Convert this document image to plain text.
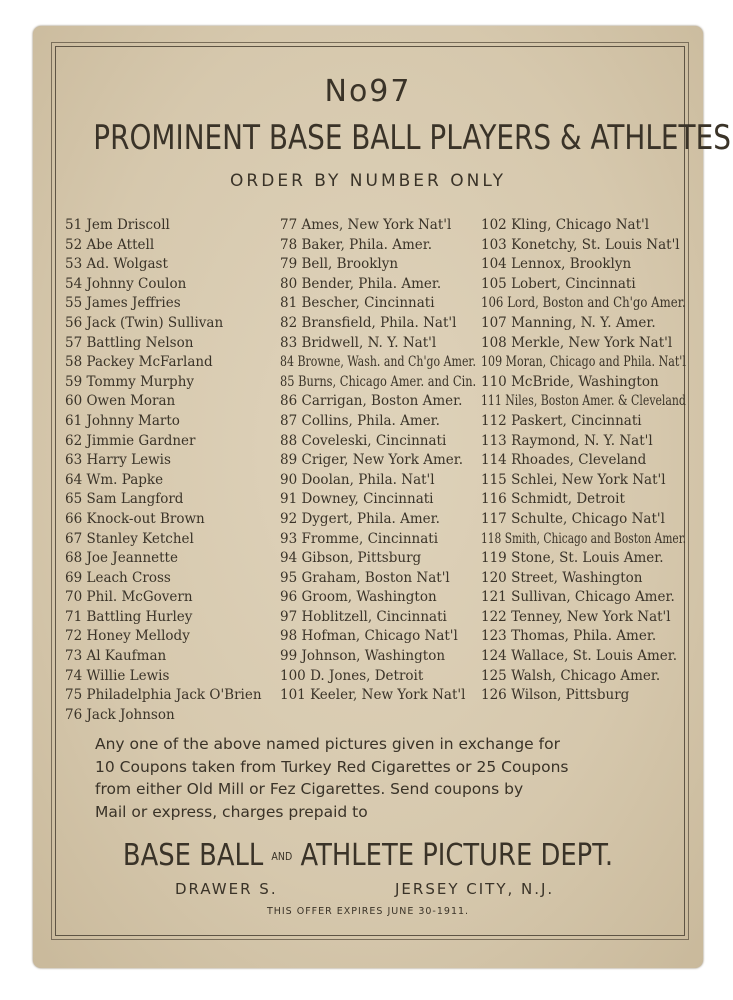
No97
PROMINENT BASE BALL PLAYERS & ATHLETES
ORDER BY NUMBER ONLY
51 Jem Driscoll
52 Abe Attell
53 Ad. Wolgast
54 Johnny Coulon
55 James Jeffries
56 Jack (Twin) Sullivan
57 Battling Nelson
58 Packey McFarland
59 Tommy Murphy
60 Owen Moran
61 Johnny Marto
62 Jimmie Gardner
63 Harry Lewis
64 Wm. Papke
65 Sam Langford
66 Knock-out Brown
67 Stanley Ketchel
68 Joe Jeannette
69 Leach Cross
70 Phil. McGovern
71 Battling Hurley
72 Honey Mellody
73 Al Kaufman
74 Willie Lewis
75 Philadelphia Jack O'Brien
76 Jack Johnson
77 Ames, New York Nat'l
78 Baker, Phila. Amer.
79 Bell, Brooklyn
80 Bender, Phila. Amer.
81 Bescher, Cincinnati
82 Bransfield, Phila. Nat'l
83 Bridwell, N. Y. Nat'l
84 Browne, Wash. and Ch'go Amer.
85 Burns, Chicago Amer. and Cin.
86 Carrigan, Boston Amer.
87 Collins, Phila. Amer.
88 Coveleski, Cincinnati
89 Criger, New York Amer.
90 Doolan, Phila. Nat'l
91 Downey, Cincinnati
92 Dygert, Phila. Amer.
93 Fromme, Cincinnati
94 Gibson, Pittsburg
95 Graham, Boston Nat'l
96 Groom, Washington
97 Hoblitzell, Cincinnati
98 Hofman, Chicago Nat'l
99 Johnson, Washington
100 D. Jones, Detroit
101 Keeler, New York Nat'l
102 Kling, Chicago Nat'l
103 Konetchy, St. Louis Nat'l
104 Lennox, Brooklyn
105 Lobert, Cincinnati
106 Lord, Boston and Ch'go Amer.
107 Manning, N. Y. Amer.
108 Merkle, New York Nat'l
109 Moran, Chicago and Phila. Nat'l
110 McBride, Washington
111 Niles, Boston Amer. & Cleveland
112 Paskert, Cincinnati
113 Raymond, N. Y. Nat'l
114 Rhoades, Cleveland
115 Schlei, New York Nat'l
116 Schmidt, Detroit
117 Schulte, Chicago Nat'l
118 Smith, Chicago and Boston Amer.
119 Stone, St. Louis Amer.
120 Street, Washington
121 Sullivan, Chicago Amer.
122 Tenney, New York Nat'l
123 Thomas, Phila. Amer.
124 Wallace, St. Louis Amer.
125 Walsh, Chicago Amer.
126 Wilson, Pittsburg
Any one of the above named pictures given in exchange for
10 Coupons taken from Turkey Red Cigarettes or 25 Coupons
from either Old Mill or Fez Cigarettes. Send coupons by
Mail or express, charges prepaid to
BASE BALL AND ATHLETE PICTURE DEPT.
DRAWER S.	JERSEY CITY, N.J.
THIS OFFER EXPIRES JUNE 30-1911.
